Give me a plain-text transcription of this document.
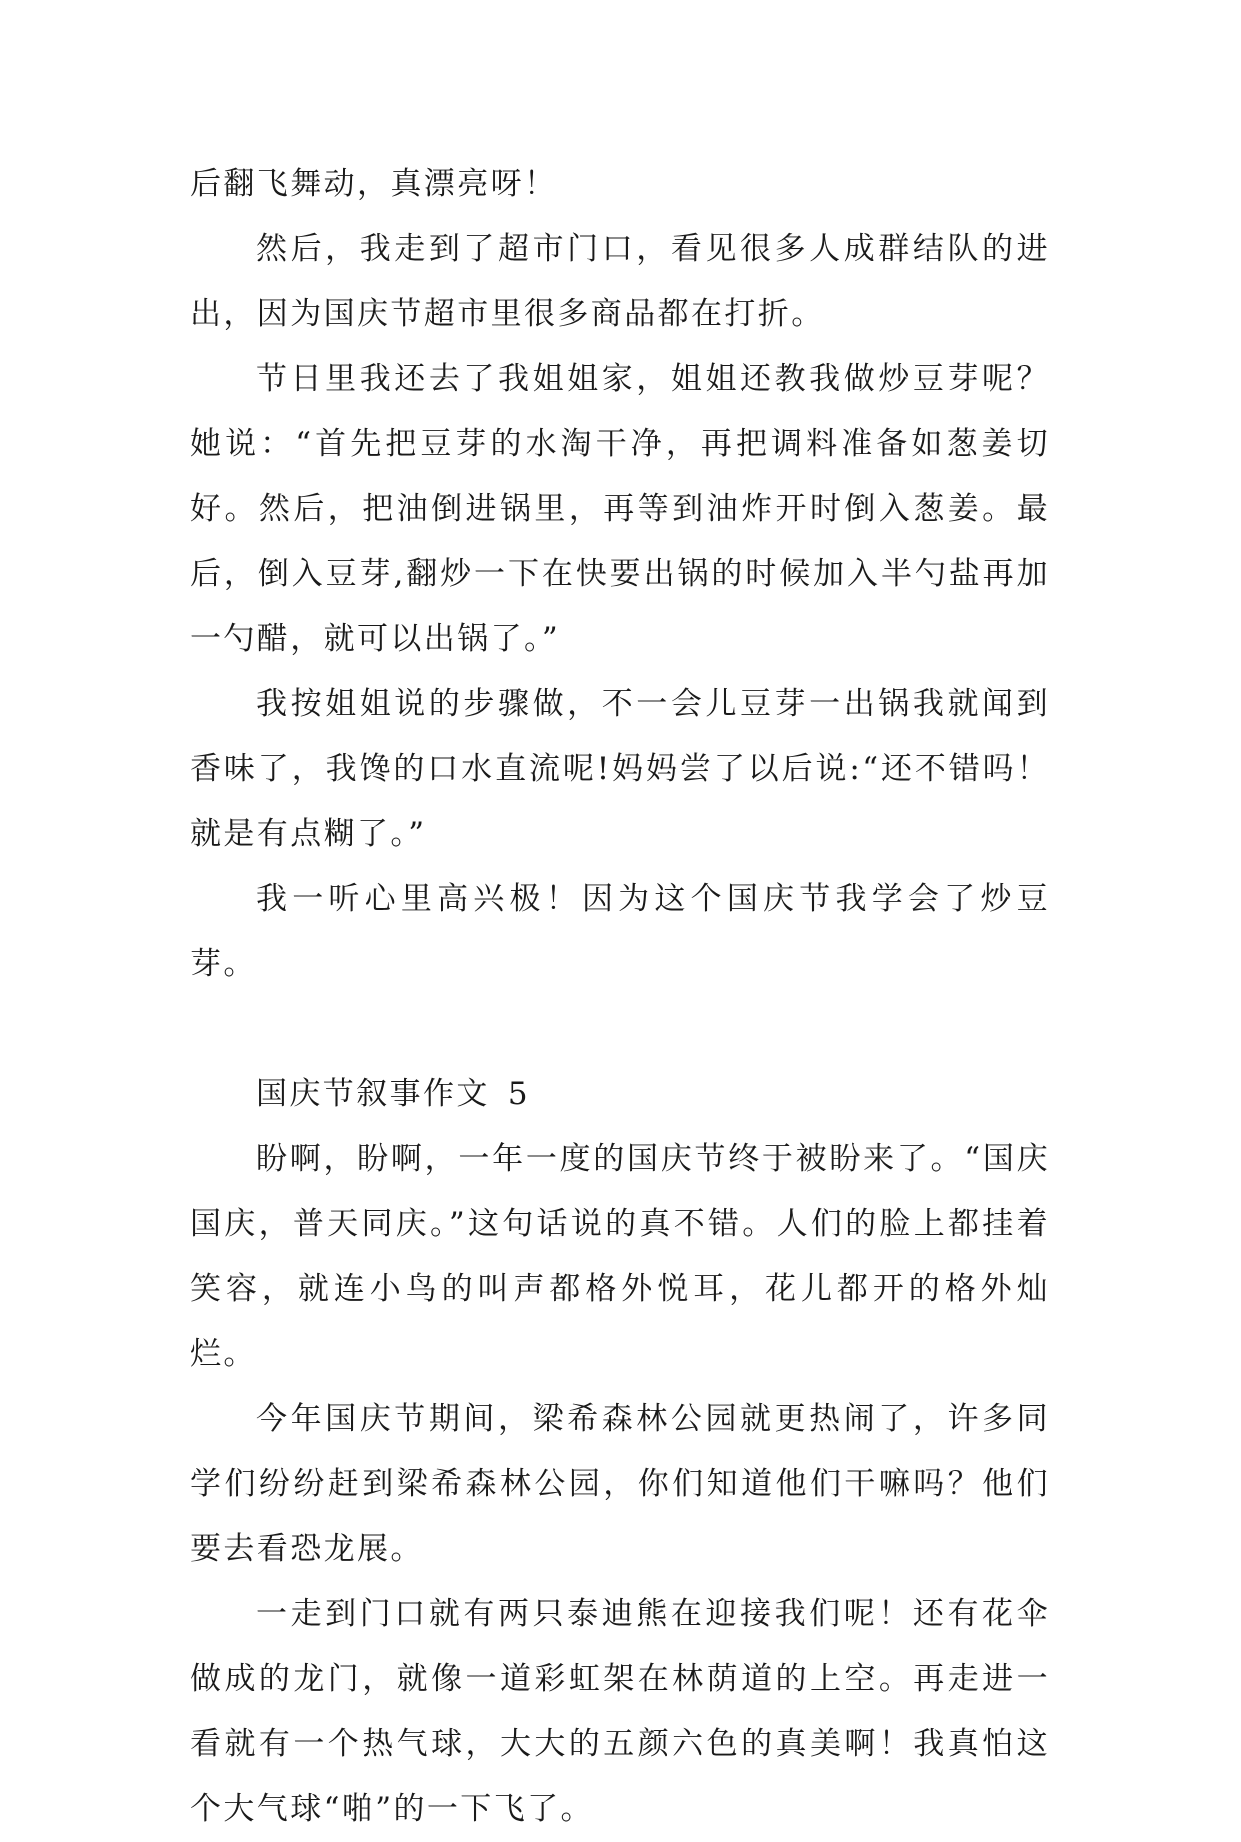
后翻飞舞动，真漂亮呀！

然后，我走到了超市门口，看见很多人成群结队的进出，因为国庆节超市里很多商品都在打折。

节日里我还去了我姐姐家，姐姐还教我做炒豆芽呢？她说：“首先把豆芽的水淘干净，再把调料准备如葱姜切好。然后，把油倒进锅里，再等到油炸开时倒入葱姜。最后，倒入豆芽,翻炒一下在快要出锅的时候加入半勺盐再加一勺醋，就可以出锅了。”

我按姐姐说的步骤做，不一会儿豆芽一出锅我就闻到香味了，我馋的口水直流呢!妈妈尝了以后说:“还不错吗！就是有点糊了。”

我一听心里高兴极！因为这个国庆节我学会了炒豆芽。

国庆节叙事作文 5

盼啊，盼啊，一年一度的国庆节终于被盼来了。“国庆国庆，普天同庆。”这句话说的真不错。人们的脸上都挂着笑容，就连小鸟的叫声都格外悦耳，花儿都开的格外灿烂。

今年国庆节期间，梁希森林公园就更热闹了，许多同学们纷纷赶到梁希森林公园，你们知道他们干嘛吗？他们要去看恐龙展。

一走到门口就有两只泰迪熊在迎接我们呢！还有花伞做成的龙门，就像一道彩虹架在林荫道的上空。再走进一看就有一个热气球，大大的五颜六色的真美啊！我真怕这个大气球“啪”的一下飞了。
